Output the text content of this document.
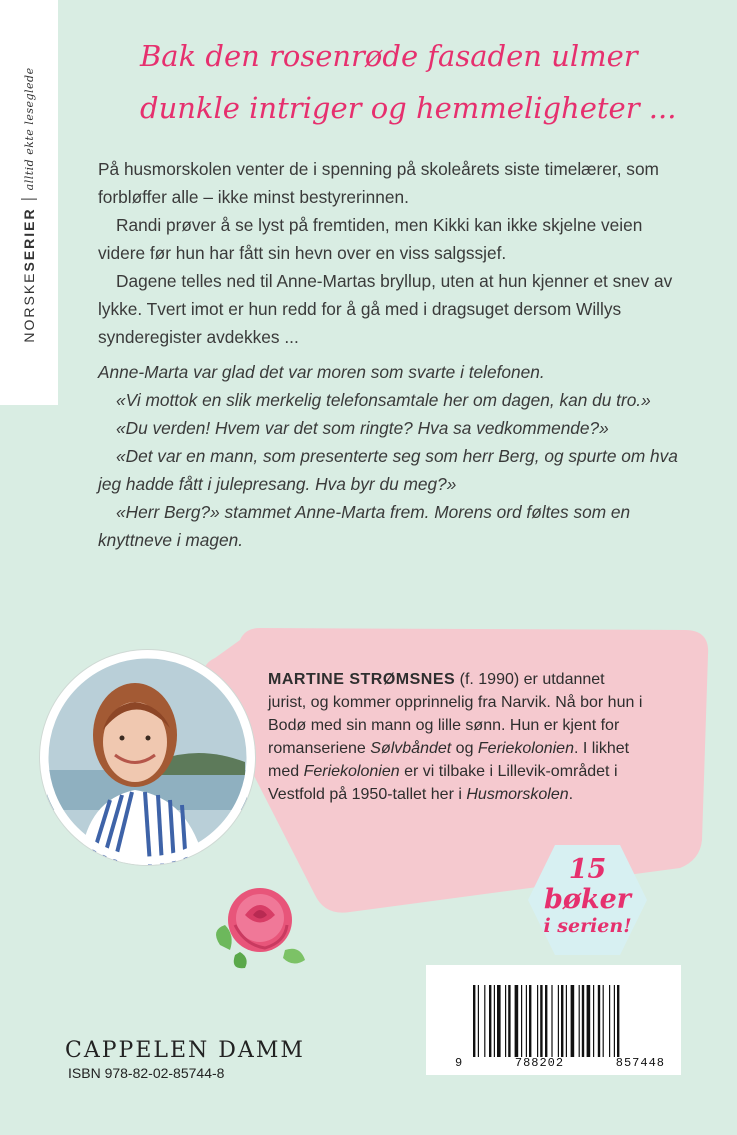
NORSKE
SERIER
alltid ekte leseglede
Bak den rosenrøde fasaden ulmer
dunkle intriger og hemmeligheter ...

På husmorskolen venter de i spenning på skoleårets siste timelærer, som forbløffer alle – ikke minst bestyrerinnen.

Randi prøver å se lyst på fremtiden, men Kikki kan ikke skjelne veien videre før hun har fått sin hevn over en viss salgssjef.

Dagene telles ned til Anne-Martas bryllup, uten at hun kjenner et snev av lykke. Tvert imot er hun redd for å gå med i dragsuget dersom Willys synderegister avdekkes ...

Anne-Marta var glad det var moren som svarte i telefonen.

«Vi mottok en slik merkelig telefonsamtale her om dagen, kan du tro.»

«Du verden! Hvem var det som ringte? Hva sa vedkommende?»

«Det var en mann, som presenterte seg som herr Berg, og spurte om hva jeg hadde fått i julepresang. Hva byr du meg?»

«Herr Berg?» stammet Anne-Marta frem. Morens ord føltes som en knyttneve i magen.

MARTINE STRØMSNES (f. 1990) er utdannet jurist, og kommer opprinnelig fra Narvik. Nå bor hun i Bodø med sin mann og lille sønn. Hun er kjent for romanseriene Sølvbåndet og Feriekolonien. I likhet med Feriekolonien er vi tilbake i Lillevik-området i Vestfold på 1950-tallet her i Husmorskolen.
15 bøker
i serien!
9	788202	857448
CAPPELEN DAMM
ISBN 978-82-02-85744-8
